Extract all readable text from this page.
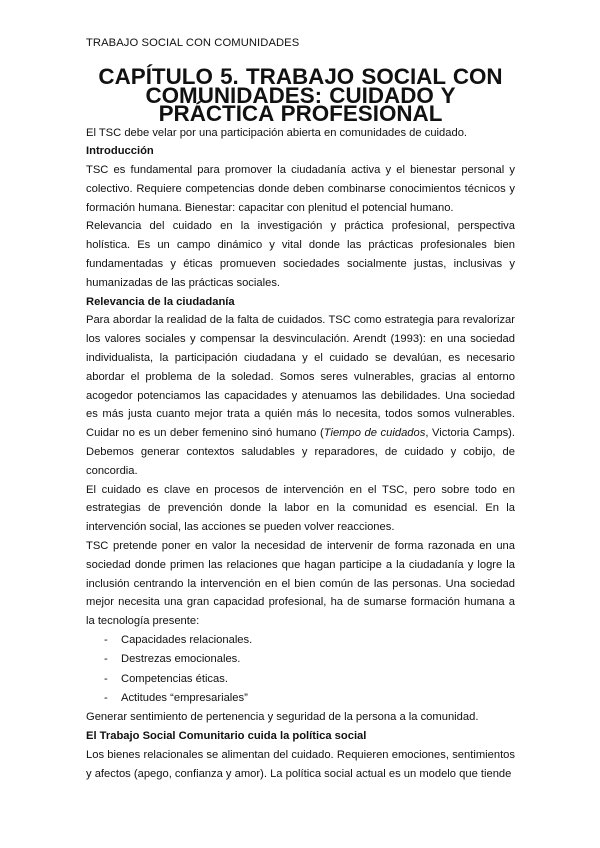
TRABAJO SOCIAL CON COMUNIDADES
CAPÍTULO 5. TRABAJO SOCIAL CON COMUNIDADES: CUIDADO Y PRÁCTICA PROFESIONAL

El TSC debe velar por una participación abierta en comunidades de cuidado.

Introducción

TSC es fundamental para promover la ciudadanía activa y el bienestar personal y colectivo. Requiere competencias donde deben combinarse conocimientos técnicos y formación humana. Bienestar: capacitar con plenitud el potencial humano.

Relevancia del cuidado en la investigación y práctica profesional, perspectiva holística. Es un campo dinámico y vital donde las prácticas profesionales bien fundamentadas y éticas promueven sociedades socialmente justas, inclusivas y humanizadas de las prácticas sociales.

Relevancia de la ciudadanía

Para abordar la realidad de la falta de cuidados. TSC como estrategia para revalorizar los valores sociales y compensar la desvinculación. Arendt (1993): en una sociedad individualista, la participación ciudadana y el cuidado se devalúan, es necesario abordar el problema de la soledad. Somos seres vulnerables, gracias al entorno acogedor potenciamos las capacidades y atenuamos las debilidades. Una sociedad es más justa cuanto mejor trata a quién más lo necesita, todos somos vulnerables. Cuidar no es un deber femenino sinó humano (Tiempo de cuidados, Victoria Camps). Debemos generar contextos saludables y reparadores, de cuidado y cobijo, de concordia.

El cuidado es clave en procesos de intervención en el TSC, pero sobre todo en estrategias de prevención donde la labor en la comunidad es esencial. En la intervención social, las acciones se pueden volver reacciones.

TSC pretende poner en valor la necesidad de intervenir de forma razonada en una sociedad donde primen las relaciones que hagan participe a la ciudadanía y logre la inclusión centrando la intervención en el bien común de las personas. Una sociedad mejor necesita una gran capacidad profesional, ha de sumarse formación humana a la tecnología presente:

- Capacidades relacionales.
- Destrezas emocionales.
- Competencias éticas.
- Actitudes “empresariales”

Generar sentimiento de pertenencia y seguridad de la persona a la comunidad.

El Trabajo Social Comunitario cuida la política social

Los bienes relacionales se alimentan del cuidado. Requieren emociones, sentimientos y afectos (apego, confianza y amor). La política social actual es un modelo que tiende
